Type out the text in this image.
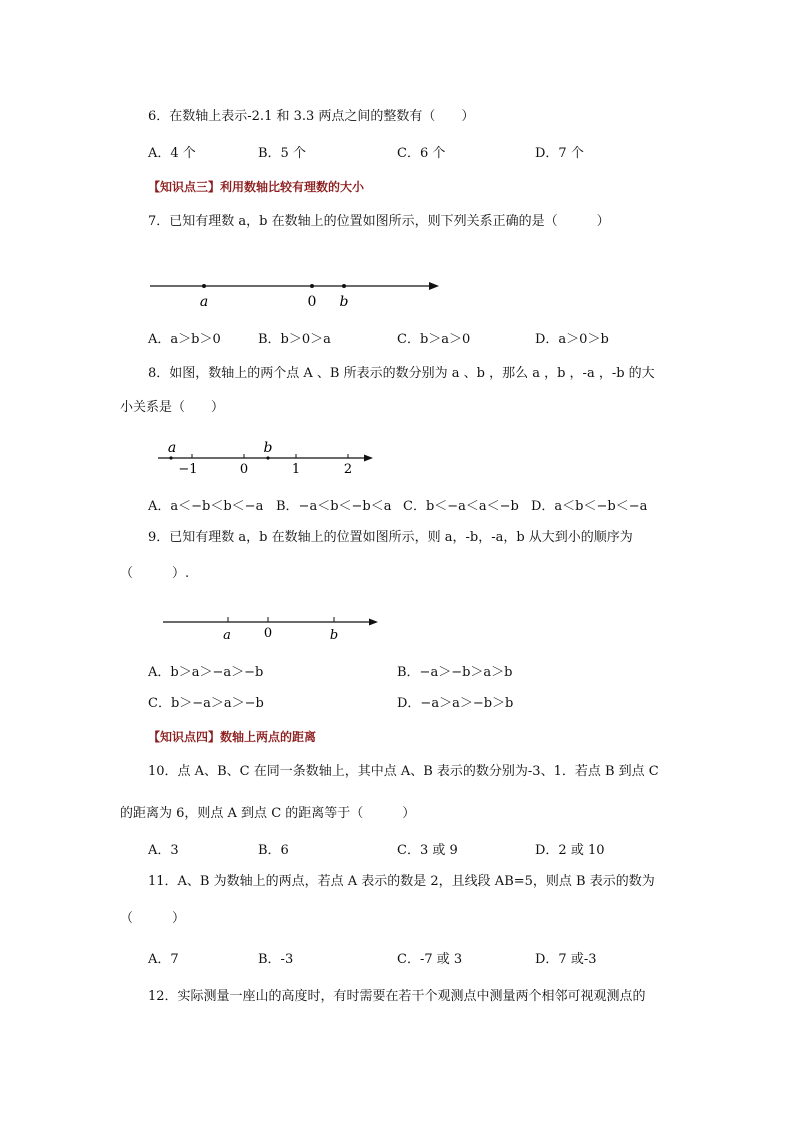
6．在数轴上表示-2.1 和 3.3 两点之间的整数有（　　）
A．4 个	B．5 个	C．6 个	D．7 个
【知识点三】利用数轴比较有理数的大小
7．已知有理数 a，b 在数轴上的位置如图所示，则下列关系正确的是（　　　）
a	0 b
A．a＞b＞0	B．b＞0＞a	C．b＞a＞0	D．a＞0＞b
8．如图，数轴上的两个点 A 、B 所表示的数分别为 a 、b ，那么 a ，b ，-a ，-b 的大
小关系是（　　）
a	b
−1	0	1	2
A．a＜−b＜b＜−a B．−a＜b＜−b＜a C．b＜−a＜a＜−b D．a＜b＜−b＜−a
9．已知有理数 a，b 在数轴上的位置如图所示，则 a，-b，-a，b 从大到小的顺序为
（　　　）.
a	0	b
A．b＞a＞−a＞−b	B．−a＞−b＞a＞b
C．b＞−a＞a＞−b	D．−a＞a＞−b＞b
【知识点四】数轴上两点的距离
10．点 A、B、C 在同一条数轴上，其中点 A、B 表示的数分别为-3、1．若点 B 到点 C
的距离为 6，则点 A 到点 C 的距离等于（　　　）
A．3	B．6	C．3 或 9	D．2 或 10
11．A、B 为数轴上的两点，若点 A 表示的数是 2，且线段 AB=5，则点 B 表示的数为
（　　　）
A．7	B．-3	C．-7 或 3	D．7 或-3
12．实际测量一座山的高度时，有时需要在若干个观测点中测量两个相邻可视观测点的
